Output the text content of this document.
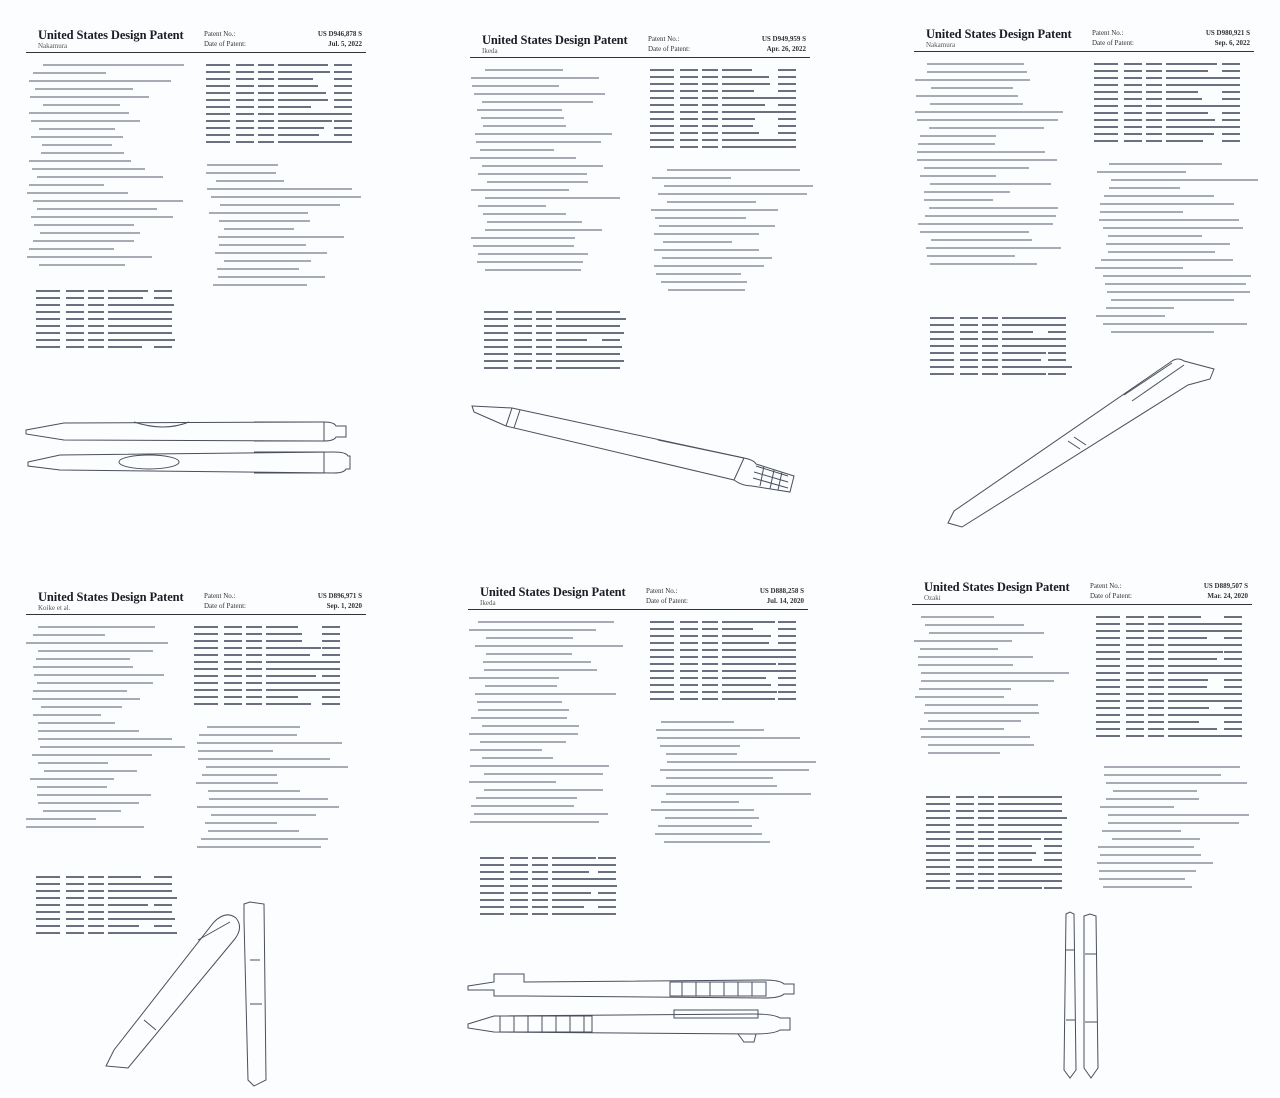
United States Design Patent
Nakamura
Patent No.:
Date of Patent:
US D946,878 S
Jul. 5, 2022	United States Design Patent
Ikeda
Patent No.:
Date of Patent:
US D949,959 S
Apr. 26, 2022
United States Design Patent
Nakamura
Patent No.:
Date of Patent:
US D980,921 S
Sep. 6, 2022
United States Design Patent
Koike et al.
Patent No.:
Date of Patent:
US D896,971 S
Sep. 1, 2020
United States Design Patent
Ikeda
Patent No.:
Date of Patent:
US D888,258 S
Jul. 14, 2020
United States Design Patent
Ozaki
Patent No.:
Date of Patent:
US D889,507 S
Mar. 24, 2020
